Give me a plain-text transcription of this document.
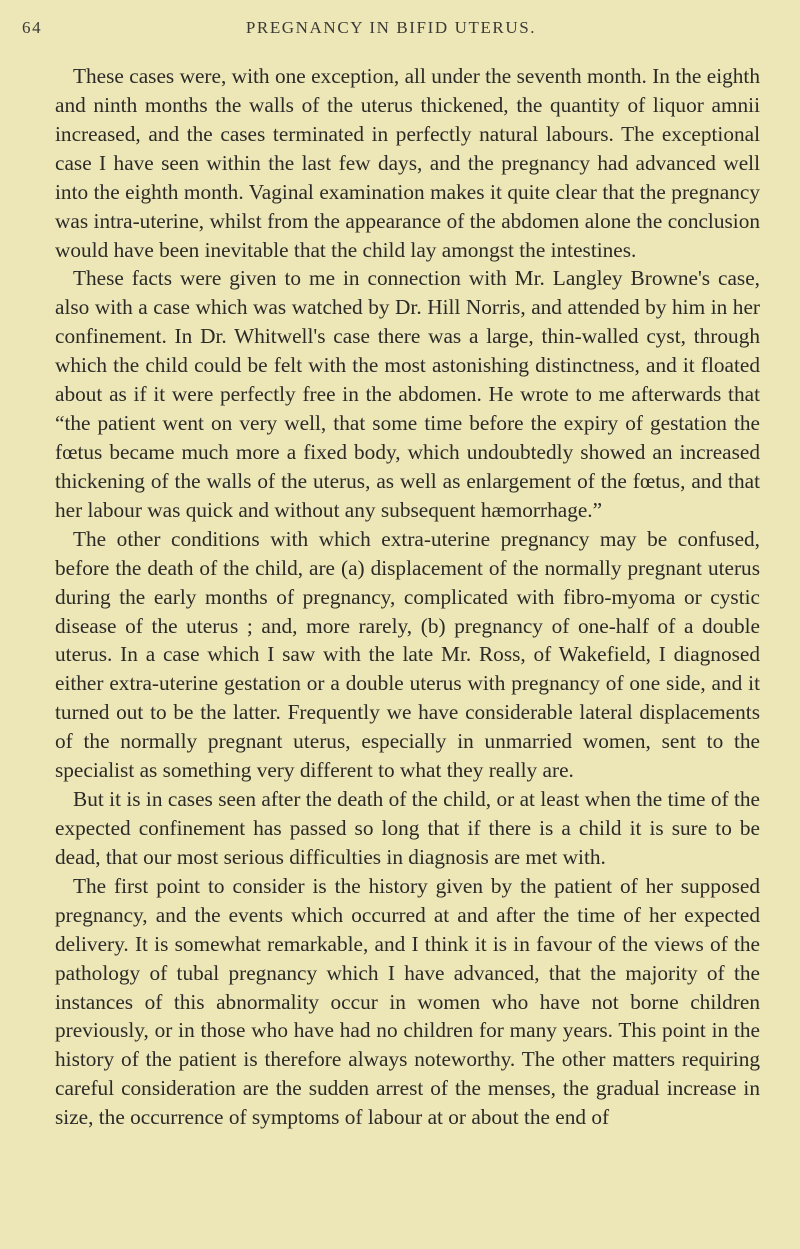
64	PREGNANCY IN BIFID UTERUS.

These cases were, with one exception, all under the seventh month. In the eighth and ninth months the walls of the uterus thickened, the quantity of liquor amnii increased, and the cases terminated in perfectly natural labours. The exceptional case I have seen within the last few days, and the pregnancy had advanced well into the eighth month. Vaginal examination makes it quite clear that the pregnancy was intra-uterine, whilst from the appearance of the abdomen alone the conclusion would have been inevitable that the child lay amongst the intestines.

These facts were given to me in connection with Mr. Langley Browne's case, also with a case which was watched by Dr. Hill Norris, and attended by him in her confinement. In Dr. Whitwell's case there was a large, thin-walled cyst, through which the child could be felt with the most astonishing distinctness, and it floated about as if it were perfectly free in the abdomen. He wrote to me afterwards that “the patient went on very well, that some time before the expiry of gestation the fœtus became much more a fixed body, which undoubtedly showed an increased thickening of the walls of the uterus, as well as enlargement of the fœtus, and that her labour was quick and without any subsequent hæmorrhage.”

The other conditions with which extra-uterine pregnancy may be confused, before the death of the child, are (a) displacement of the normally pregnant uterus during the early months of pregnancy, complicated with fibro-myoma or cystic disease of the uterus ; and, more rarely, (b) pregnancy of one-half of a double uterus. In a case which I saw with the late Mr. Ross, of Wakefield, I diagnosed either extra-uterine gestation or a double uterus with pregnancy of one side, and it turned out to be the latter. Frequently we have considerable lateral displacements of the normally pregnant uterus, especially in unmarried women, sent to the specialist as something very different to what they really are.

But it is in cases seen after the death of the child, or at least when the time of the expected confinement has passed so long that if there is a child it is sure to be dead, that our most serious difficulties in diagnosis are met with.

The first point to consider is the history given by the patient of her supposed pregnancy, and the events which occurred at and after the time of her expected delivery. It is somewhat remarkable, and I think it is in favour of the views of the pathology of tubal pregnancy which I have advanced, that the majority of the instances of this abnormality occur in women who have not borne children previously, or in those who have had no children for many years. This point in the history of the patient is therefore always noteworthy. The other matters requiring careful consideration are the sudden arrest of the menses, the gradual increase in size, the occurrence of symptoms of labour at or about the end of
